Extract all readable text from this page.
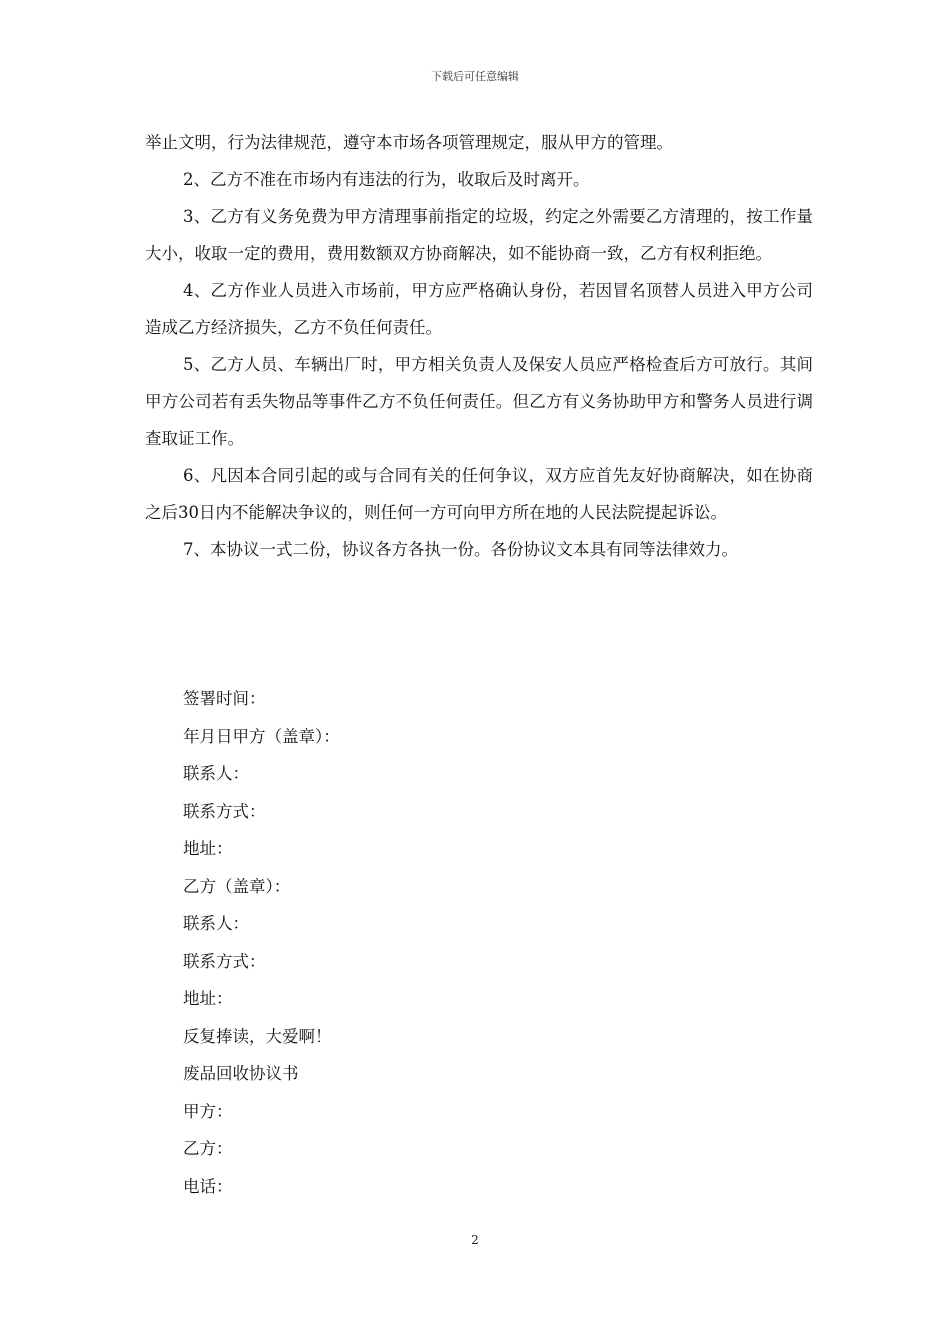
下载后可任意编辑

举止文明，行为法律规范，遵守本市场各项管理规定，服从甲方的管理。

2、乙方不准在市场内有违法的行为，收取后及时离开。

3、乙方有义务免费为甲方清理事前指定的垃圾，约定之外需要乙方清理的，按工作量大小，收取一定的费用，费用数额双方协商解决，如不能协商一致，乙方有权利拒绝。

4、乙方作业人员进入市场前，甲方应严格确认身份，若因冒名顶替人员进入甲方公司造成乙方经济损失，乙方不负任何责任。

5、乙方人员、车辆出厂时，甲方相关负责人及保安人员应严格检查后方可放行。其间甲方公司若有丢失物品等事件乙方不负任何责任。但乙方有义务协助甲方和警务人员进行调查取证工作。

6、凡因本合同引起的或与合同有关的任何争议，双方应首先友好协商解决，如在协商之后30日内不能解决争议的，则任何一方可向甲方所在地的人民法院提起诉讼。

7、本协议一式二份，协议各方各执一份。各份协议文本具有同等法律效力。

签署时间：

年月日甲方（盖章）：

联系人：

联系方式：

地址：

乙方（盖章）：

联系人：

联系方式：

地址：

反复捧读，大爱啊！

废品回收协议书

甲方：

乙方：

电话：

2
